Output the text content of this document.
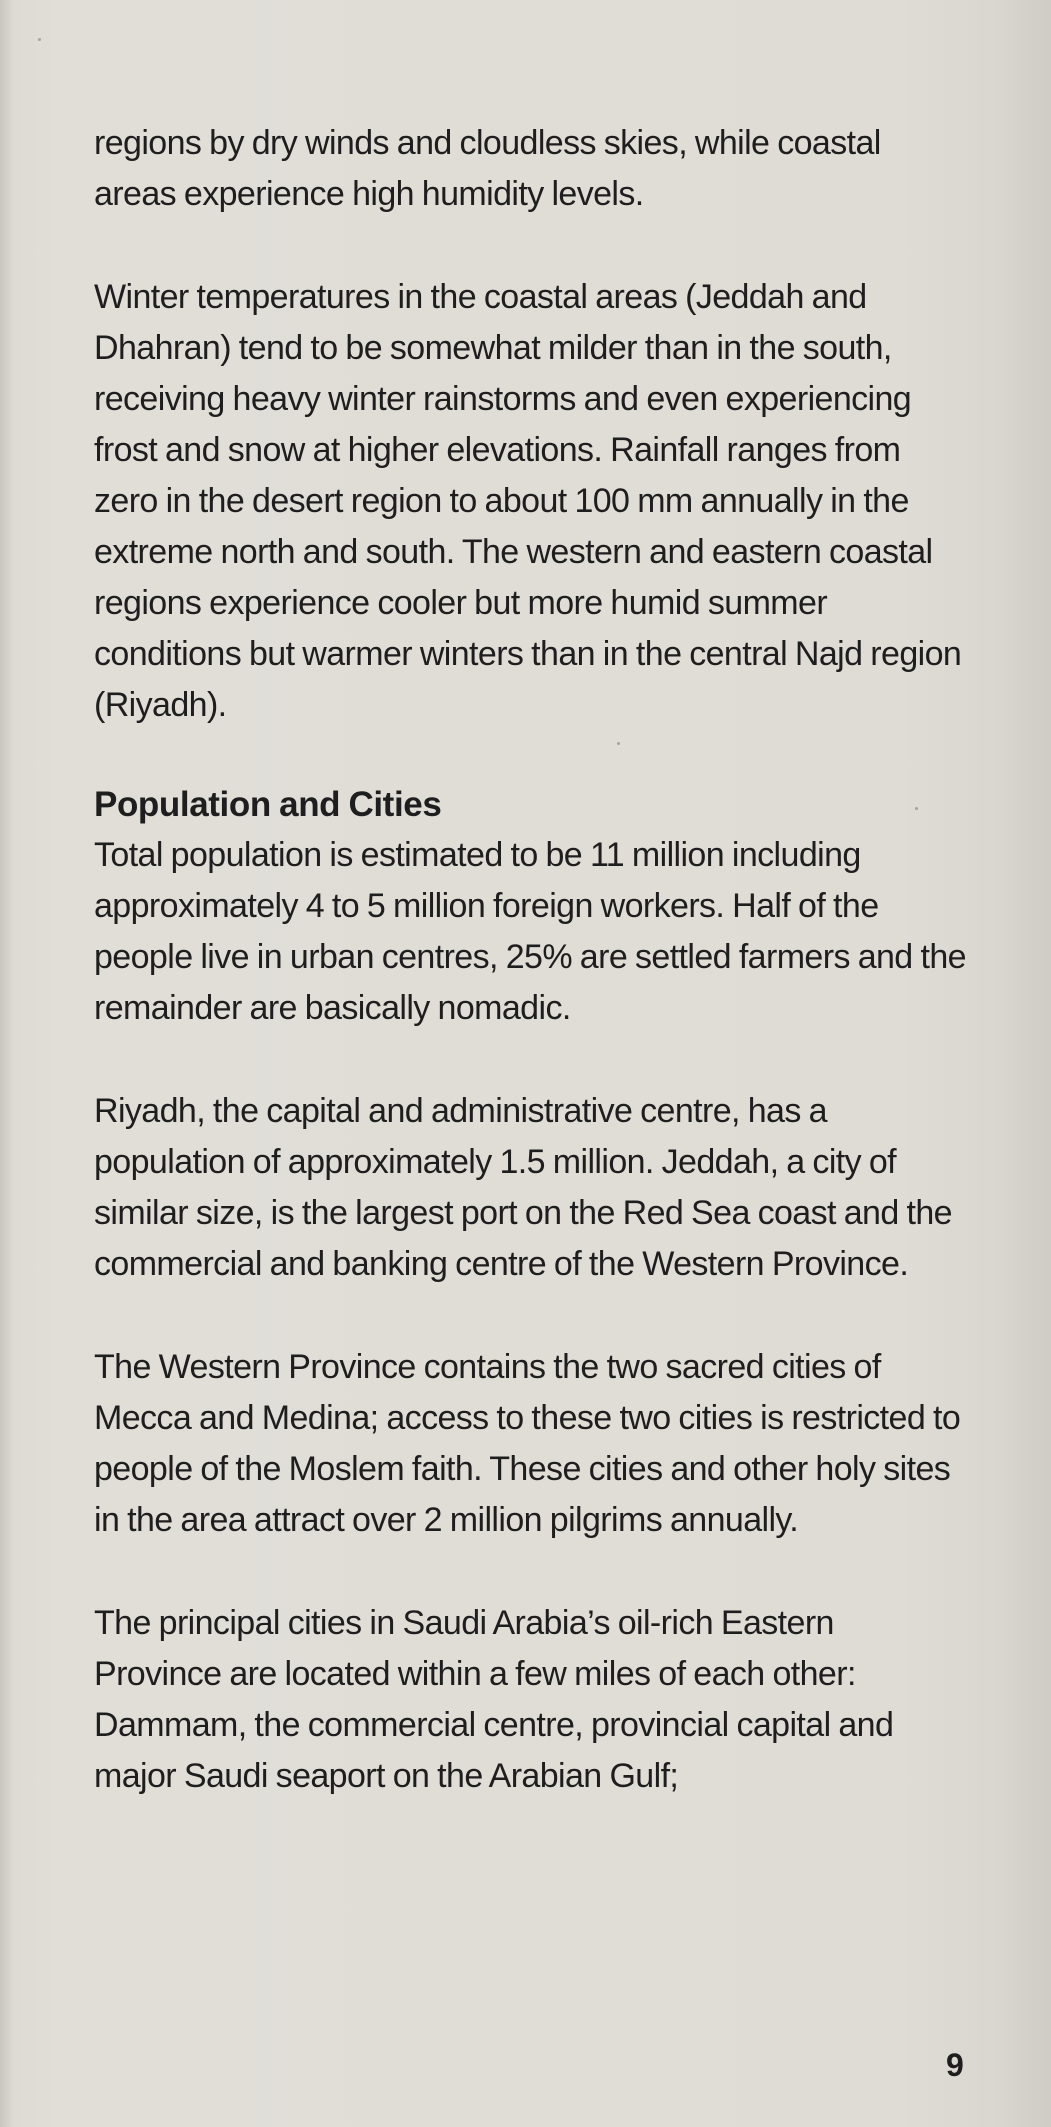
regions by dry winds and cloudless skies, while coastal areas experience high humidity levels.

Winter temperatures in the coastal areas (Jeddah and Dhahran) tend to be somewhat milder than in the south, receiving heavy winter rainstorms and even experiencing frost and snow at higher elevations. Rainfall ranges from zero in the desert region to about 100 mm annually in the extreme north and south. The western and eastern coastal regions experience cooler but more humid summer conditions but warmer winters than in the central Najd region (Riyadh).

Population and Cities

Total population is estimated to be 11 million including approximately 4 to 5 million foreign workers. Half of the people live in urban centres, 25% are settled farmers and the remainder are basically nomadic.

Riyadh, the capital and administrative centre, has a population of approximately 1.5 million. Jeddah, a city of similar size, is the largest port on the Red Sea coast and the commercial and banking centre of the Western Province.

The Western Province contains the two sacred cities of Mecca and Medina; access to these two cities is restricted to people of the Moslem faith. These cities and other holy sites in the area attract over 2 million pilgrims annually.

The principal cities in Saudi Arabia’s oil-rich Eastern Province are located within a few miles of each other: Dammam, the commercial centre, provincial capital and major Saudi seaport on the Arabian Gulf;

9
